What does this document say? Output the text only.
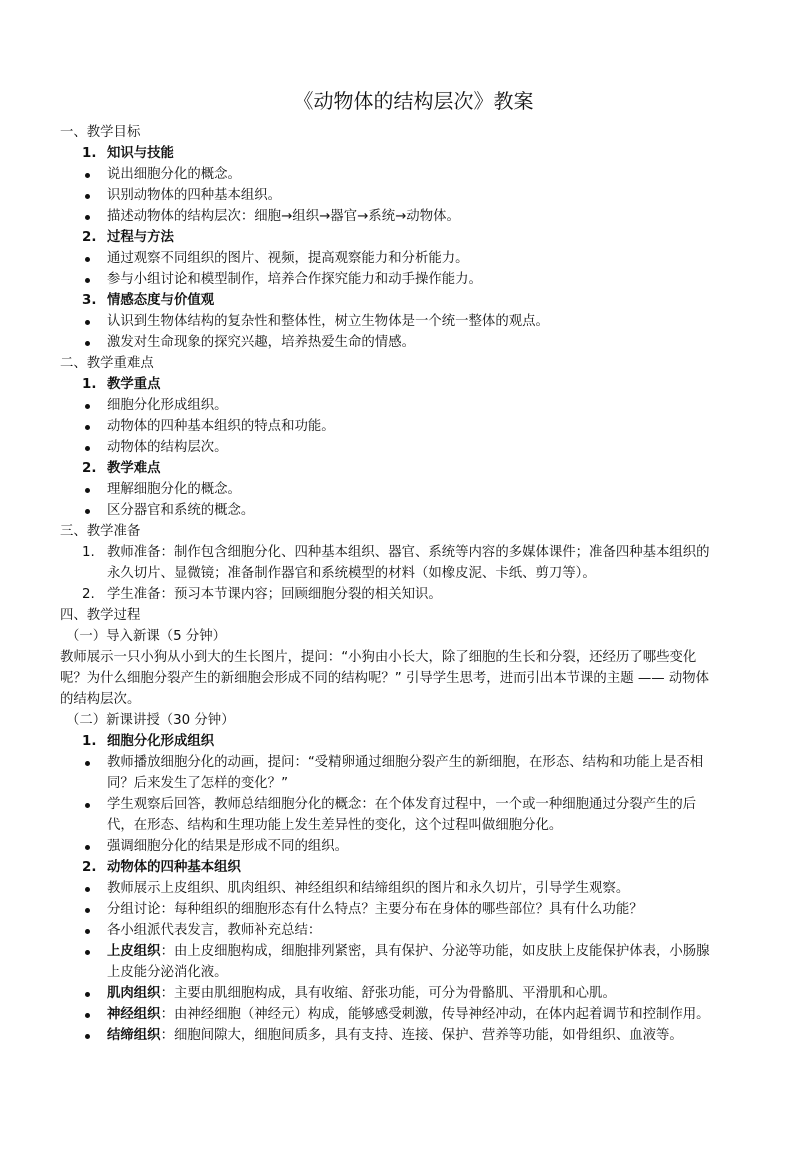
《动物体的结构层次》教案
一、教学目标
1. 知识与技能
说出细胞分化的概念。
识别动物体的四种基本组织。
描述动物体的结构层次：细胞→组织→器官→系统→动物体。
2. 过程与方法
通过观察不同组织的图片、视频，提高观察能力和分析能力。
参与小组讨论和模型制作，培养合作探究能力和动手操作能力。
3. 情感态度与价值观
认识到生物体结构的复杂性和整体性，树立生物体是一个统一整体的观点。
激发对生命现象的探究兴趣，培养热爱生命的情感。
二、教学重难点
1. 教学重点
细胞分化形成组织。
动物体的四种基本组织的特点和功能。
动物体的结构层次。
2. 教学难点
理解细胞分化的概念。
区分器官和系统的概念。
三、教学准备
1. 教师准备：制作包含细胞分化、四种基本组织、器官、系统等内容的多媒体课件；准备四种基本组织的
永久切片、显微镜；准备制作器官和系统模型的材料（如橡皮泥、卡纸、剪刀等）。
2. 学生准备：预习本节课内容；回顾细胞分裂的相关知识。
四、教学过程
（一）导入新课（5 分钟）
教师展示一只小狗从小到大的生长图片，提问：“小狗由小长大，除了细胞的生长和分裂，还经历了哪些变化
呢？为什么细胞分裂产生的新细胞会形成不同的结构呢？” 引导学生思考，进而引出本节课的主题 —— 动物体
的结构层次。
（二）新课讲授（30 分钟）
1. 细胞分化形成组织
教师播放细胞分化的动画，提问：“受精卵通过细胞分裂产生的新细胞，在形态、结构和功能上是否相
同？后来发生了怎样的变化？”
学生观察后回答，教师总结细胞分化的概念：在个体发育过程中，一个或一种细胞通过分裂产生的后
代，在形态、结构和生理功能上发生差异性的变化，这个过程叫做细胞分化。
强调细胞分化的结果是形成不同的组织。
2. 动物体的四种基本组织
教师展示上皮组织、肌肉组织、神经组织和结缔组织的图片和永久切片，引导学生观察。
分组讨论：每种组织的细胞形态有什么特点？主要分布在身体的哪些部位？具有什么功能？
各小组派代表发言，教师补充总结：
上皮组织：由上皮细胞构成，细胞排列紧密，具有保护、分泌等功能，如皮肤上皮能保护体表，小肠腺
上皮能分泌消化液。
肌肉组织：主要由肌细胞构成，具有收缩、舒张功能，可分为骨骼肌、平滑肌和心肌。
神经组织：由神经细胞（神经元）构成，能够感受刺激，传导神经冲动，在体内起着调节和控制作用。
结缔组织：细胞间隙大，细胞间质多，具有支持、连接、保护、营养等功能，如骨组织、血液等。
